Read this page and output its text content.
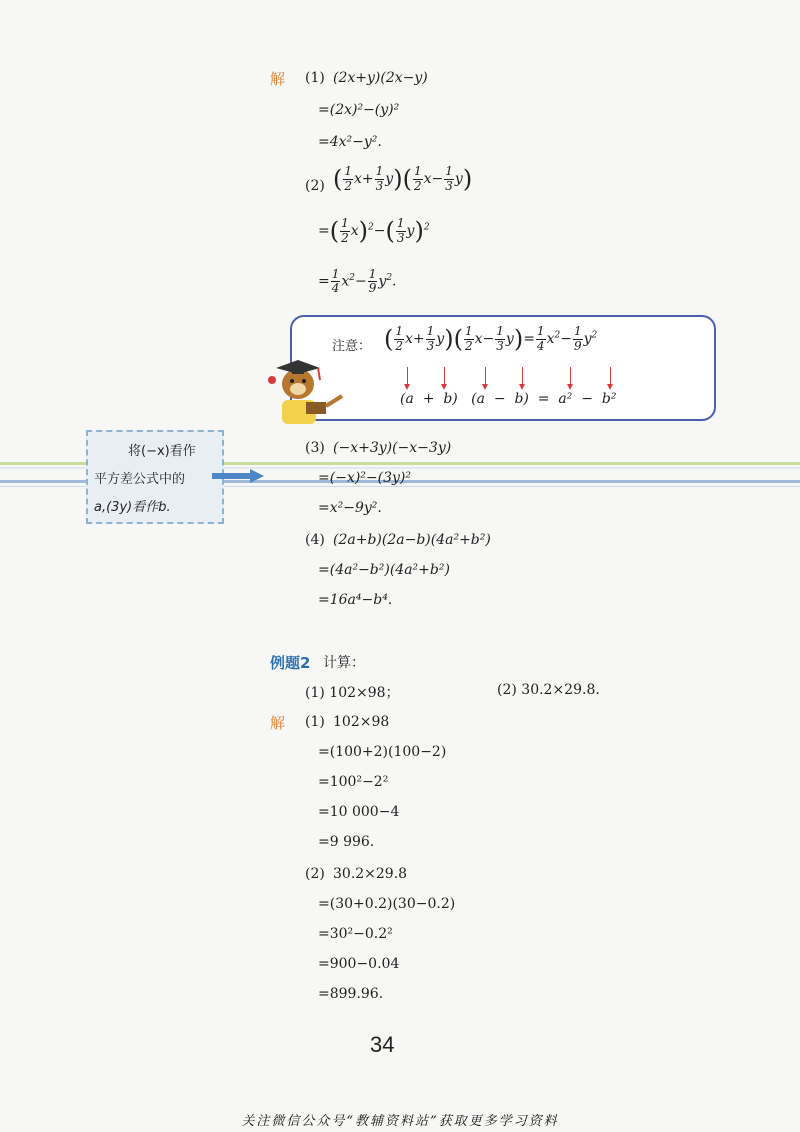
解 (1) (2x+y)(2x−y)
=(2x)²−(y)²
=4x²−y².
(2) ( $\frac{1}{2} x+ \frac{1}{3} y)( \frac{1}{2} x- \frac{1}{3} y)$
=( $\frac{1}{2} x)^2-( \frac{1}{3} y)^2$
= $\frac{1}{4} x^2- \frac{1}{9} y^2$.
注意： ( $\frac{1}{2} x+ \frac{1}{3} y)( \frac{1}{2} x- \frac{1}{3} y)= \frac{1}{4} x^2- \frac{1}{9} y^2$
(a  +  b)   (a  −  b)  =  a²  −  b²
将(−x)看作
平方差公式中的
a,(3y)看作b.
(3) (−x+3y)(−x−3y)
=(−x)²−(3y)²
=x²−9y².
(4) (2a+b)(2a−b)(4a²+b²)
=(4a²−b²)(4a²+b²)
=16a⁴−b⁴.
例题2 计算：
(1) 102×98；	(2) 30.2×29.8.
解 (1) 102×98
=(100+2)(100−2)
=100²−2²
=10 000−4
=9 996.
(2) 30.2×29.8
=(30+0.2)(30−0.2)
=30²−0.2²
=900−0.04
=899.96.
34
关注微信公众号“教辅资料站”获取更多学习资料
